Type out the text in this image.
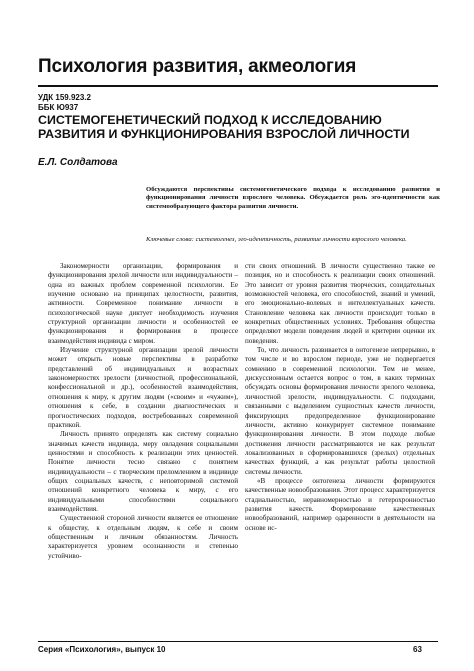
Психология развития, акмеология
УДК 159.923.2
ББК Ю937
СИСТЕМОГЕНЕТИЧЕСКИЙ ПОДХОД К ИССЛЕДОВАНИЮ РАЗВИТИЯ И ФУНКЦИОНИРОВАНИЯ ВЗРОСЛОЙ ЛИЧНОСТИ
Е.Л. Солдатова
Обсуждаются перспективы системогенетического подхода к исследованию развития и функционирования личности взрослого человека. Обсуждается роль эго-идентичности как системообразующего фактора развития личности.
Ключевые слова: системогенез, эго-идентичность, развитие личности взрослого человека.

Закономерности организации, формирования и функционирования зрелой личности или индивидуальности – одна из важных проблем современной психологии. Ее изучение основано на принципах целостности, развития, активности. Современное понимание личности в психологической науке диктует необходимость изучения структурной организации личности и особенностей ее функционирования и формирования в процессе взаимодействия индивида с миром.

Изучение структурной организации зрелой личности может открыть новые перспективы в разработке представлений об индивидуальных и возрастных закономерностях зрелости (личностной, профессиональной, конфессиональной и др.), особенностей взаимодействия, отношения к миру, к другим людям («своим» и «чужим»), отношения к себе, в создании диагностических и прогностических подходов, востребованных современной практикой.

Личность принято определять как систему социально значимых качеств индивида, меру овладения социальными ценностями и способность к реализации этих ценностей. Понятие личности тесно связано с понятием индивидуальности – с творческим преломлением в индивиде общих социальных качеств, с неповторимой системой отношений конкретного человека к миру, с его индивидуальными способностями социального взаимодействия.

Существенной стороной личности является ее отношение к обществу, к отдельным людям, к себе и своим общественным и личным обязанностям. Личность характеризуется уровнем осознанности и степенью устойчиво-

сти своих отношений. В личности существенно также ее позиция, но и способность к реализации своих отношений. Это зависит от уровня развития творческих, созидательных возможностей человека, его способностей, знаний и умений, его эмоционально-волевых и интеллектуальных качеств. Становление человека как личности происходит только в конкретных общественных условиях. Требования общества определяют модели поведения людей и критерии оценки их поведения.

То, что личность развивается в онтогенезе непрерывно, в том числе и во взрослом периоде, уже не подвергается сомнению в современной психологии. Тем не менее, дискуссионным остается вопрос о том, в каких терминах обсуждать основы формирования личности зрелого человека, личностной зрелости, индивидуальности. С подходами, связанными с выделением сущностных качеств личности, фиксирующих предопределенное функционирование личности, активно конкурирует системное понимание функционирования личности. В этом подходе любые достижения личности рассматриваются не как результат локализованных в сформировавшихся (зрелых) отдельных качествах функций, а как результат работы целостной системы личности.

«В процессе онтогенеза личности формируются качественные новообразования. Этот процесс характеризуется стадиальностью, неравномерностью и гетерохронностью развития качеств. Формирование качественных новообразований, например одаренности в деятельности на основе ис-

Серия «Психология», выпуск 10	63
